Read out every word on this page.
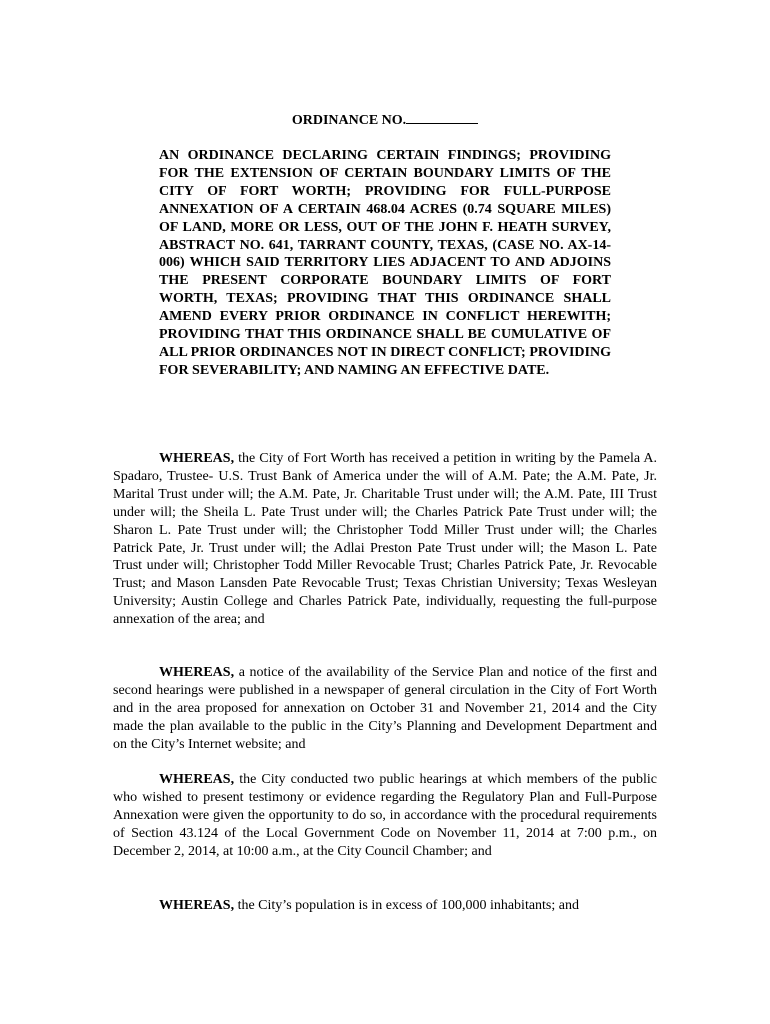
ORDINANCE NO.
AN ORDINANCE DECLARING CERTAIN FINDINGS; PROVIDING FOR THE EXTENSION OF CERTAIN BOUNDARY LIMITS OF THE CITY OF FORT WORTH; PROVIDING FOR FULL-PURPOSE ANNEXATION OF A CERTAIN 468.04 ACRES (0.74 SQUARE MILES) OF LAND, MORE OR LESS, OUT OF THE JOHN F. HEATH SURVEY, ABSTRACT NO. 641, TARRANT COUNTY, TEXAS, (CASE NO. AX-14-006) WHICH SAID TERRITORY LIES ADJACENT TO AND ADJOINS THE PRESENT CORPORATE BOUNDARY LIMITS OF FORT WORTH, TEXAS; PROVIDING THAT THIS ORDINANCE SHALL AMEND EVERY PRIOR ORDINANCE IN CONFLICT HEREWITH; PROVIDING THAT THIS ORDINANCE SHALL BE CUMULATIVE OF ALL PRIOR ORDINANCES NOT IN DIRECT CONFLICT; PROVIDING FOR SEVERABILITY; AND NAMING AN EFFECTIVE DATE.

WHEREAS, the City of Fort Worth has received a petition in writing by the Pamela A. Spadaro, Trustee- U.S. Trust Bank of America under the will of A.M. Pate; the A.M. Pate, Jr. Marital Trust under will; the A.M. Pate, Jr. Charitable Trust under will; the A.M. Pate, III Trust under will; the Sheila L. Pate Trust under will; the Charles Patrick Pate Trust under will; the Sharon L. Pate Trust under will; the Christopher Todd Miller Trust under will; the Charles Patrick Pate, Jr. Trust under will; the Adlai Preston Pate Trust under will; the Mason L. Pate Trust under will; Christopher Todd Miller Revocable Trust; Charles Patrick Pate, Jr. Revocable Trust; and Mason Lansden Pate Revocable Trust; Texas Christian University; Texas Wesleyan University; Austin College and Charles Patrick Pate, individually, requesting the full-purpose annexation of the area; and

WHEREAS, a notice of the availability of the Service Plan and notice of the first and second hearings were published in a newspaper of general circulation in the City of Fort Worth and in the area proposed for annexation on October 31 and November 21, 2014 and the City made the plan available to the public in the City’s Planning and Development Department and on the City’s Internet website; and

WHEREAS, the City conducted two public hearings at which members of the public who wished to present testimony or evidence regarding the Regulatory Plan and Full-Purpose Annexation were given the opportunity to do so, in accordance with the procedural requirements of Section 43.124 of the Local Government Code on November 11, 2014 at 7:00 p.m., on December 2, 2014, at 10:00 a.m., at the City Council Chamber; and

WHEREAS, the City’s population is in excess of 100,000 inhabitants; and
